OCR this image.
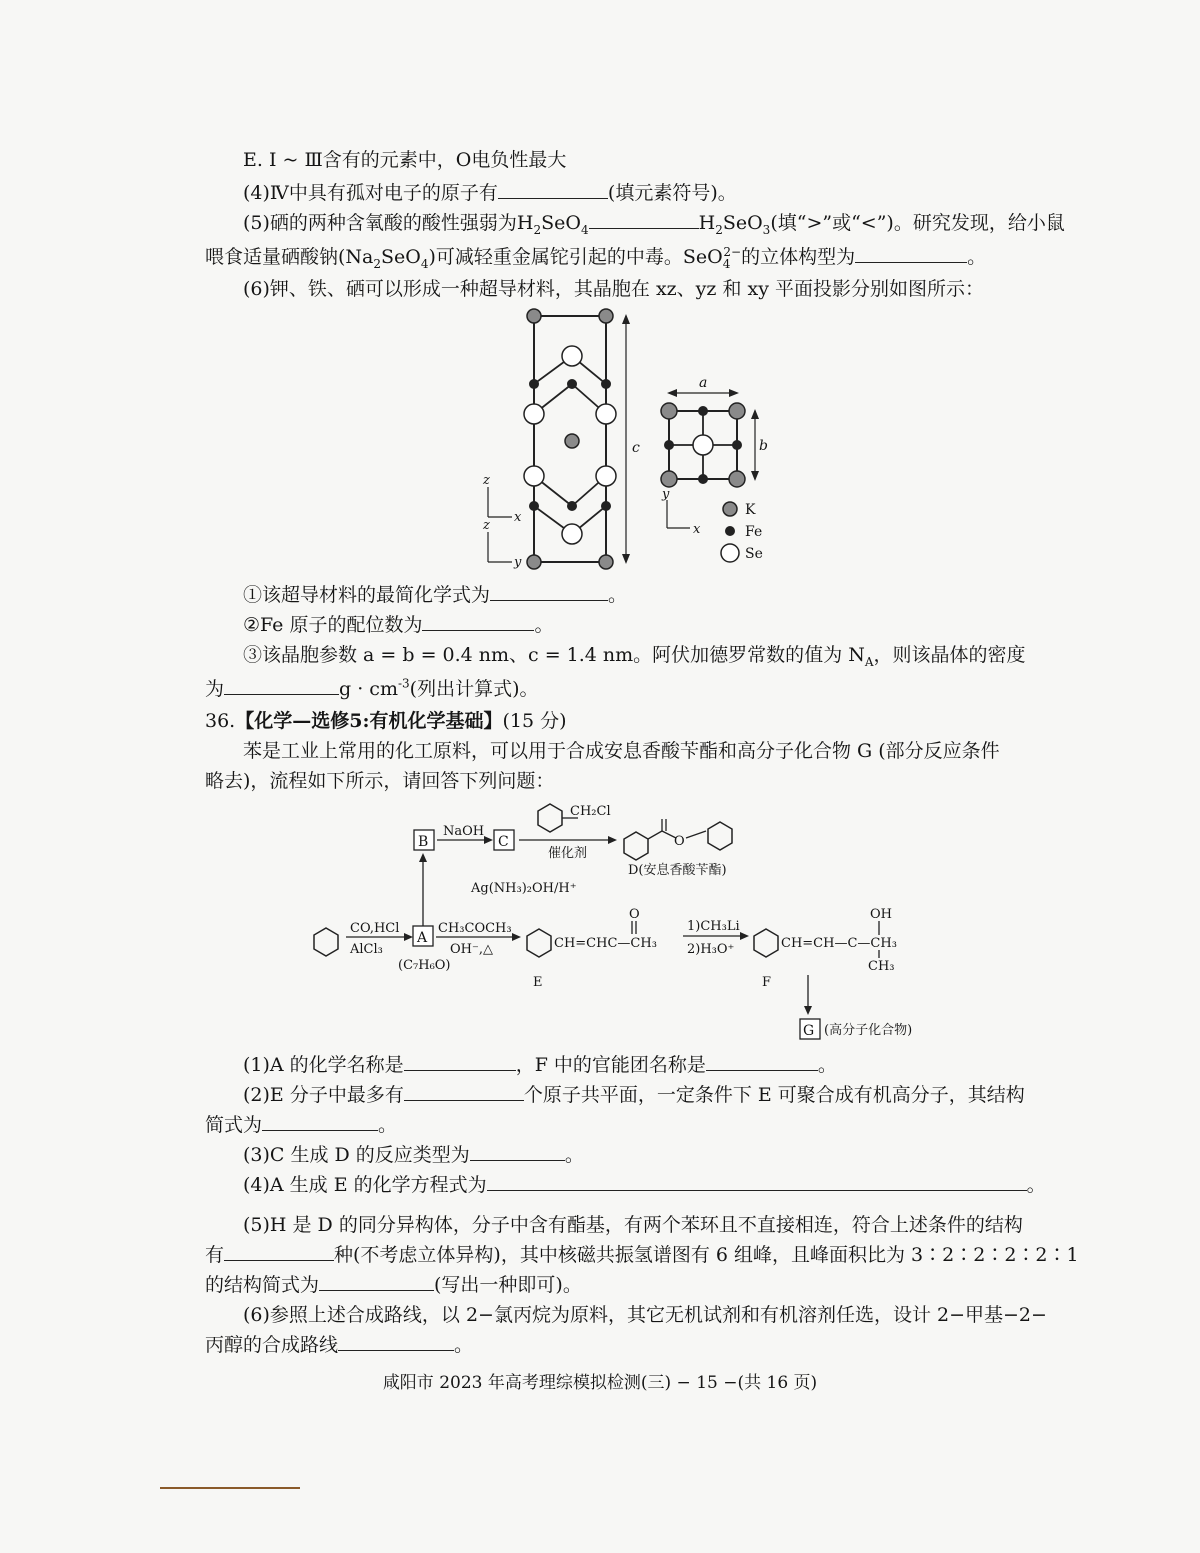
E. Ⅰ ~ Ⅲ含有的元素中，O电负性最大
(4)Ⅳ中具有孤对电子的原子有	(填元素符号)。
(5)硒的两种含氧酸的酸性强弱为$H_2SeO_4$	$H_2SeO_3$(填“>”或“<”)。研究发现，给小鼠
喂食适量硒酸钠$(Na_2SeO_4)$可减轻重金属铊引起的中毒。SeO$_4^{2-}$的立体构型为	。
(6)钾、铁、硒可以形成一种超导材料，其晶胞在 xz、yz 和 xy 平面投影分别如图所示：
c
z
x
z
y
a
b
y
x
K
Fe
Se
CO,HCl
AlCl₃
A
(C₇H₆O)
CH₃COCH₃
OH⁻,△
Ag(NH₃)₂OH/H⁺
B
NaOH
C
CH₂Cl
催化剂
O
D(安息香酸苄酯)
CH=CHC—CH₃
O
E
1)CH₃Li
2)H₃O⁺	CH=CH—C—CH₃
OH
CH₃
F
G (高分子化合物)
①该超导材料的最简化学式为	。
②Fe 原子的配位数为	。
③该晶胞参数 a = b = 0.4 nm、c = 1.4 nm。阿伏加德罗常数的值为 $N_A$，则该晶体的密度
为	$g \cdot cm^{-3}$(列出计算式)。
36.【化学—选修5:有机化学基础】(15 分)
苯是工业上常用的化工原料，可以用于合成安息香酸苄酯和高分子化合物 G (部分反应条件
略去)，流程如下所示，请回答下列问题：
(1)A 的化学名称是	，F 中的官能团名称是	。
(2)E 分子中最多有	个原子共平面，一定条件下 E 可聚合成有机高分子，其结构
简式为	。
(3)C 生成 D 的反应类型为	。
(4)A 生成 E 的化学方程式为	。
(5)H 是 D 的同分异构体，分子中含有酯基，有两个苯环且不直接相连，符合上述条件的结构
有	种(不考虑立体异构)，其中核磁共振氢谱图有 6 组峰，且峰面积比为 3∶2∶2∶2∶2∶1
的结构简式为	(写出一种即可)。
(6)参照上述合成路线，以 2−氯丙烷为原料，其它无机试剂和有机溶剂任选，设计 2−甲基−2−
丙醇的合成路线	。
咸阳市 2023 年高考理综模拟检测(三) − 15 −(共 16 页)
